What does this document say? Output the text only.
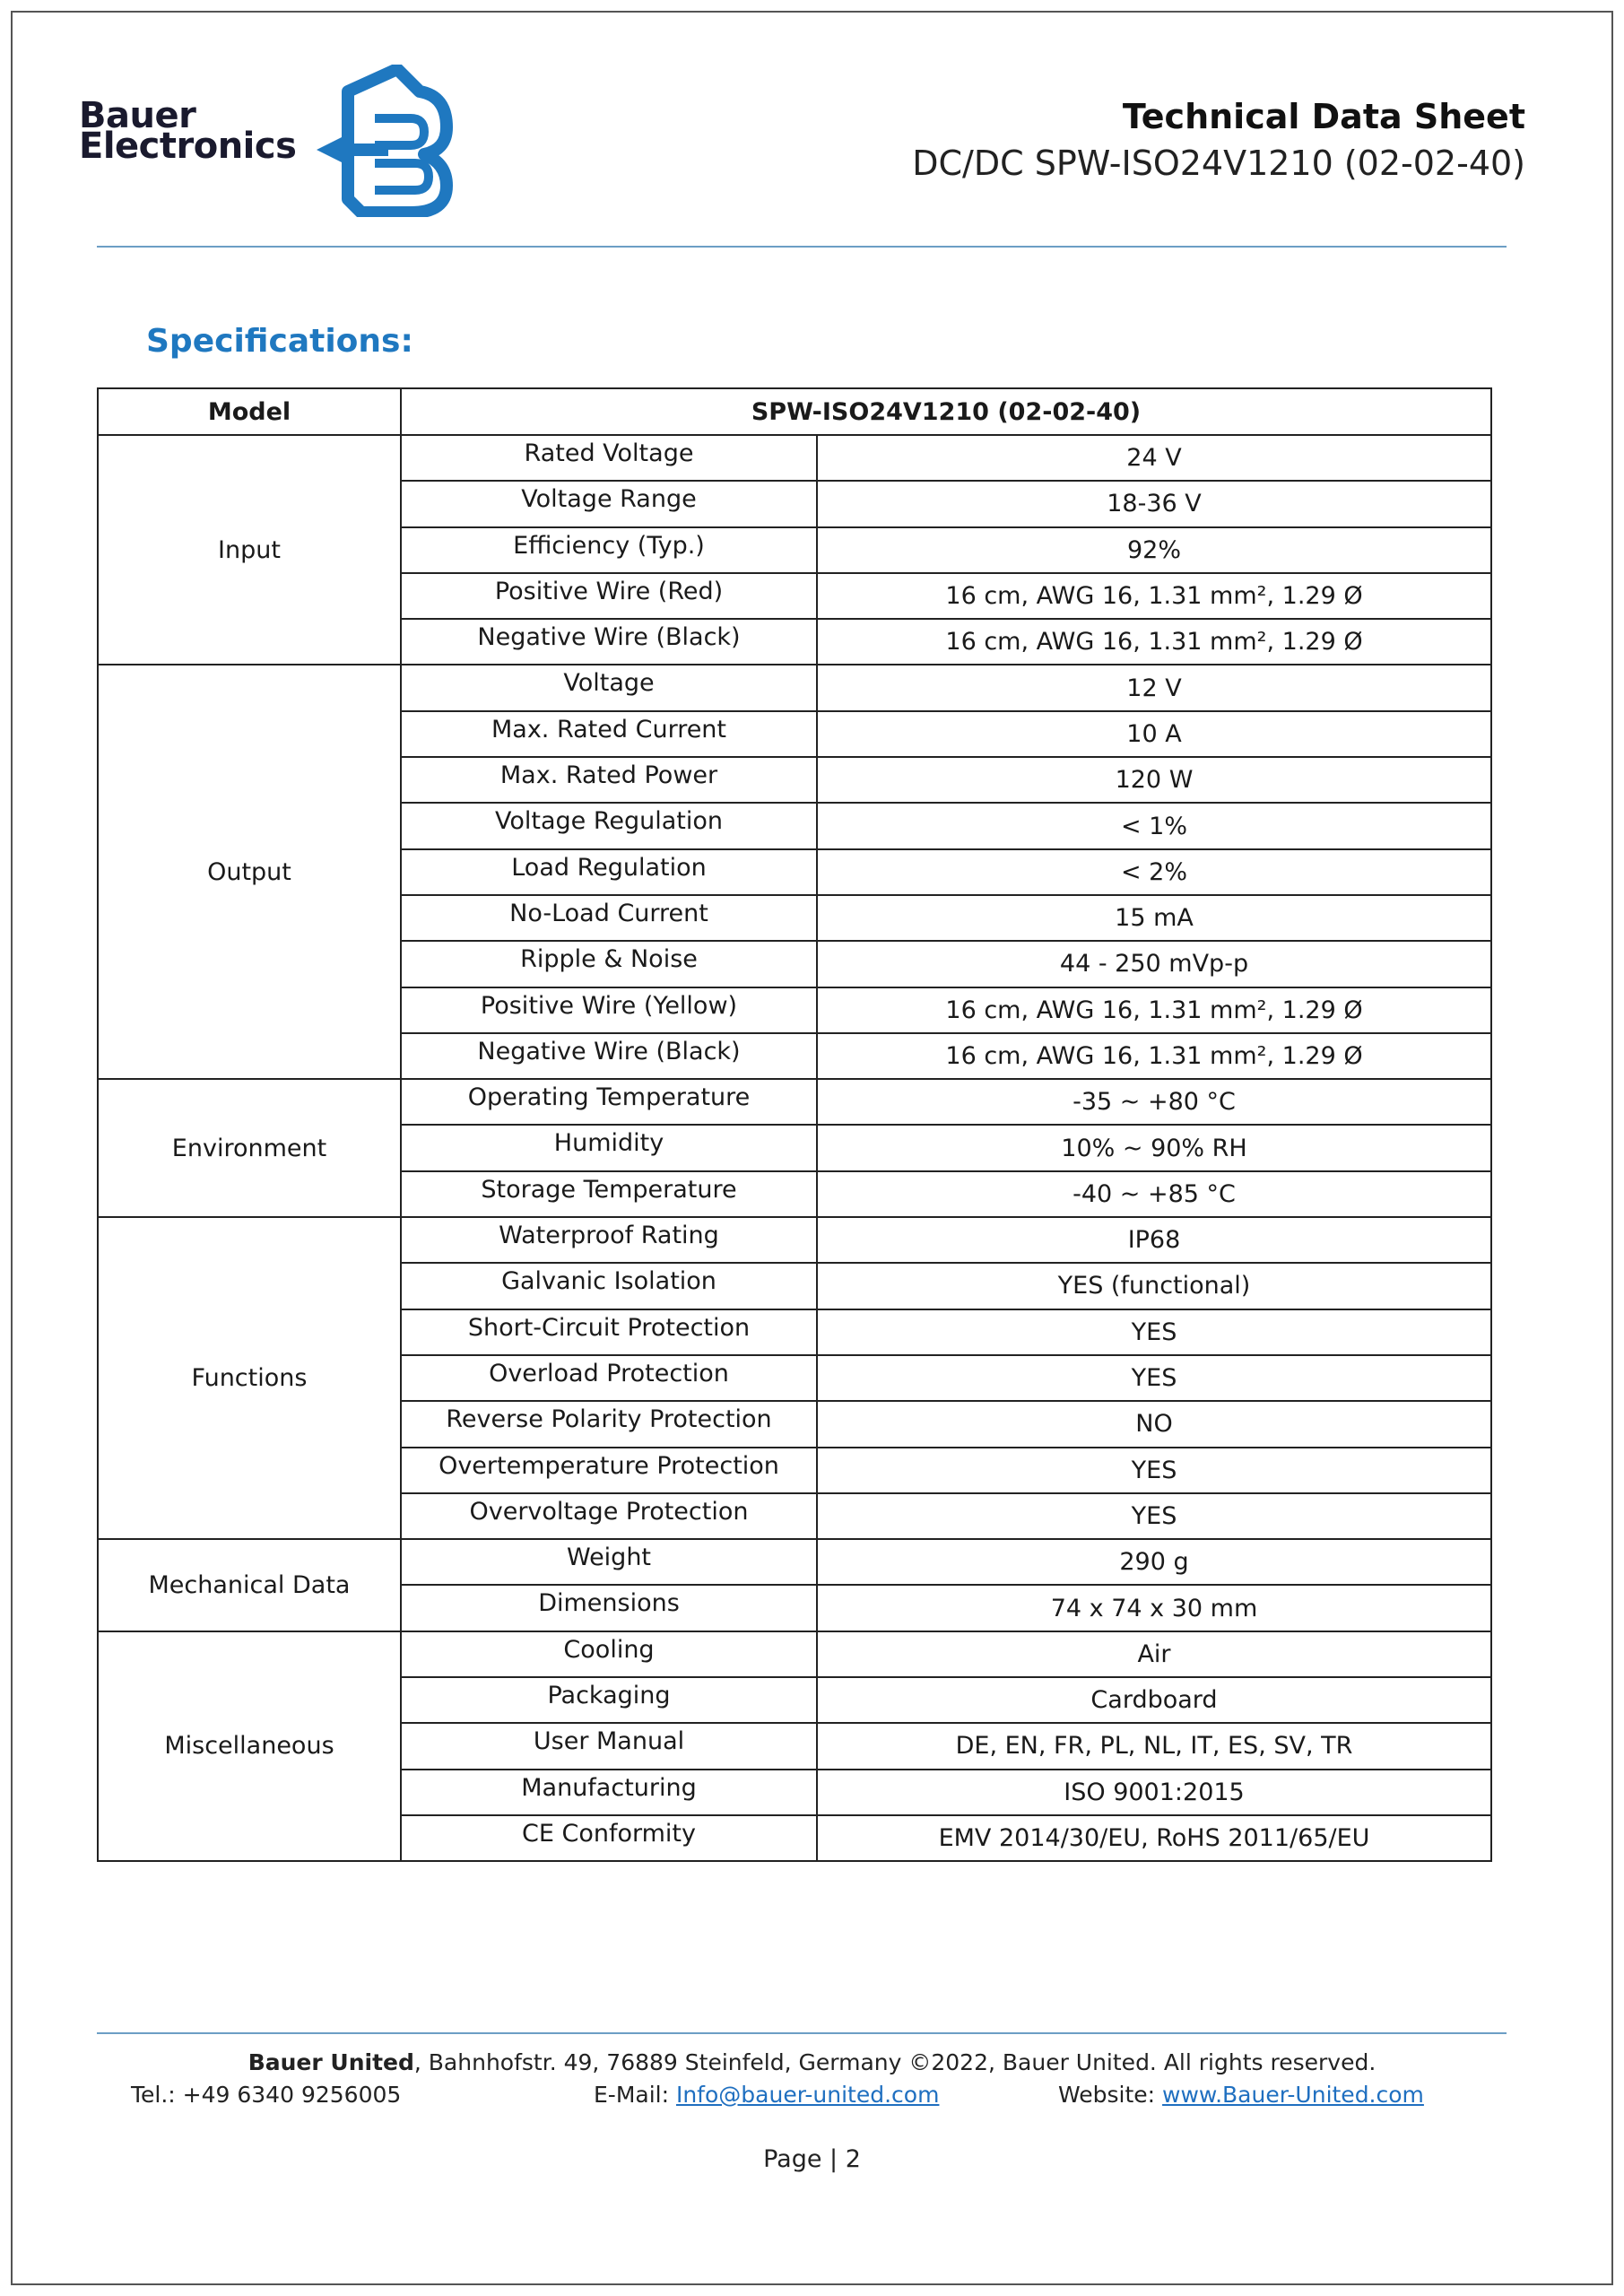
Bauer
Electronics
Technical Data Sheet
DC/DC SPW-ISO24V1210 (02-02-40)
Specifications:
Model	SPW-ISO24V1210 (02-02-40)	
Input	Rated Voltage	24 V
	Voltage Range	18-36 V
	Efficiency (Typ.)	92%
	Positive Wire (Red)	16 cm, AWG 16, 1.31 mm², 1.29 Ø
	Negative Wire (Black)	16 cm, AWG 16, 1.31 mm², 1.29 Ø
Output	Voltage	12 V
	Max. Rated Current	10 A
	Max. Rated Power	120 W
	Voltage Regulation	< 1%
	Load Regulation	< 2%
	No-Load Current	15 mA
	Ripple & Noise	44 - 250 mVp-p
	Positive Wire (Yellow)	16 cm, AWG 16, 1.31 mm², 1.29 Ø
	Negative Wire (Black)	16 cm, AWG 16, 1.31 mm², 1.29 Ø
Environment	Operating Temperature	-35 ~ +80 °C
	Humidity	10% ~ 90% RH
	Storage Temperature	-40 ~ +85 °C
Functions	Waterproof Rating	IP68
	Galvanic Isolation	YES (functional)
	Short-Circuit Protection	YES
	Overload Protection	YES
	Reverse Polarity Protection	NO
	Overtemperature Protection	YES
	Overvoltage Protection	YES
Mechanical Data	Weight	290 g
	Dimensions	74 x 74 x 30 mm
Miscellaneous	Cooling	Air
	Packaging	Cardboard
	User Manual	DE, EN, FR, PL, NL, IT, ES, SV, TR
	Manufacturing	ISO 9001:2015
	CE Conformity	EMV 2014/30/EU, RoHS 2011/65/EU
Bauer United, Bahnhofstr. 49, 76889 Steinfeld, Germany ©2022, Bauer United. All rights reserved.
Tel.: +49 6340 9256005	E-Mail: Info@bauer-united.com	Website: www.Bauer-United.com
Page | 2
